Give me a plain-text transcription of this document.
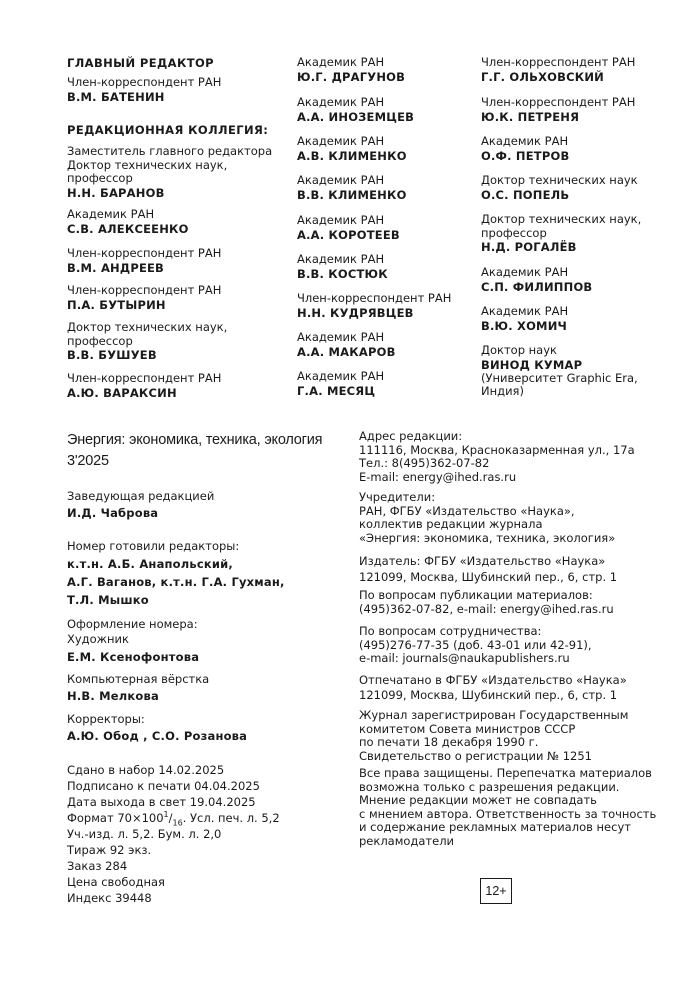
ГЛАВНЫЙ РЕДАКТОР
Член-корреспондент РАН
В.М. БАТЕНИН
РЕДАКЦИОННАЯ КОЛЛЕГИЯ:
Заместитель главного редактора
Доктор технических наук,
профессор
Н.Н. БАРАНОВ
Академик РАН
С.В. АЛЕКСЕЕНКО
Член-корреспондент РАН
В.М. АНДРЕЕВ
Член-корреспондент РАН
П.А. БУТЫРИН
Доктор технических наук,
профессор
В.В. БУШУЕВ
Член-корреспондент РАН
А.Ю. ВАРАКСИН
Академик РАН
Ю.Г. ДРАГУНОВ
Академик РАН
А.А. ИНОЗЕМЦЕВ
Академик РАН
А.В. КЛИМЕНКО
Академик РАН
В.В. КЛИМЕНКО
Академик РАН
А.А. КОРОТЕЕВ
Академик РАН
В.В. КОСТЮК
Член-корреспондент РАН
Н.Н. КУДРЯВЦЕВ
Академик РАН
А.А. МАКАРОВ
Академик РАН
Г.А. МЕСЯЦ
Член-корреспондент РАН
Г.Г. ОЛЬХОВСКИЙ
Член-корреспондент РАН
Ю.К. ПЕТРЕНЯ
Академик РАН
О.Ф. ПЕТРОВ
Доктор технических наук
О.С. ПОПЕЛЬ
Доктор технических наук,
профессор
Н.Д. РОГАЛЁВ
Академик РАН
С.П. ФИЛИППОВ
Академик РАН
В.Ю. ХОМИЧ
Доктор наук
ВИНОД КУМАР
(Университет Graphic Era,
Индия)
Энергия: экономика, техника, экология
3'2025
Заведующая редакцией
И.Д. Чаброва
Номер готовили редакторы:
к.т.н. А.Б. Анапольский,
А.Г. Ваганов, к.т.н. Г.А. Гухман,
Т.Л. Мышко
Оформление номера:
Художник
Е.М. Ксенофонтова
Компьютерная вёрстка
Н.В. Мелкова
Корректоры:
А.Ю. Обод , С.О. Розанова
Сдано в набор 14.02.2025
Подписано к печати 04.04.2025
Дата выхода в свет 19.04.2025
Формат $70\times 100^1/_{16}$. Усл. печ. л. 5,2
Уч.-изд. л. 5,2. Бум. л. 2,0
Тираж 92 экз.
Заказ 284
Цена свободная
Индекс 39448
Адрес редакции:
111116, Москва, Красноказарменная ул., 17а
Тел.: 8(495)362-07-82
E-mail: energy@ihed.ras.ru
Учредители:
РАН, ФГБУ «Издательство «Наука»,
коллектив редакции журнала
«Энергия: экономика, техника, экология»
Издатель: ФГБУ «Издательство «Наука»
121099, Москва, Шубинский пер., 6, стр. 1
По вопросам публикации материалов:
(495)362-07-82, e-mail: energy@ihed.ras.ru
По вопросам сотрудничества:
(495)276-77-35 (доб. 43-01 или 42-91),
e-mail: journals@naukapublishers.ru
Отпечатано в ФГБУ «Издательство «Наука»
121099, Москва, Шубинский пер., 6, стр. 1
Журнал зарегистрирован Государственным
комитетом Совета министров СССР
по печати 18 декабря 1990 г.
Свидетельство о регистрации № 1251
Все права защищены. Перепечатка материалов
возможна только с разрешения редакции.
Мнение редакции может не совпадать
с мнением автора. Ответственность за точность
и содержание рекламных материалов несут
рекламодатели
12+
